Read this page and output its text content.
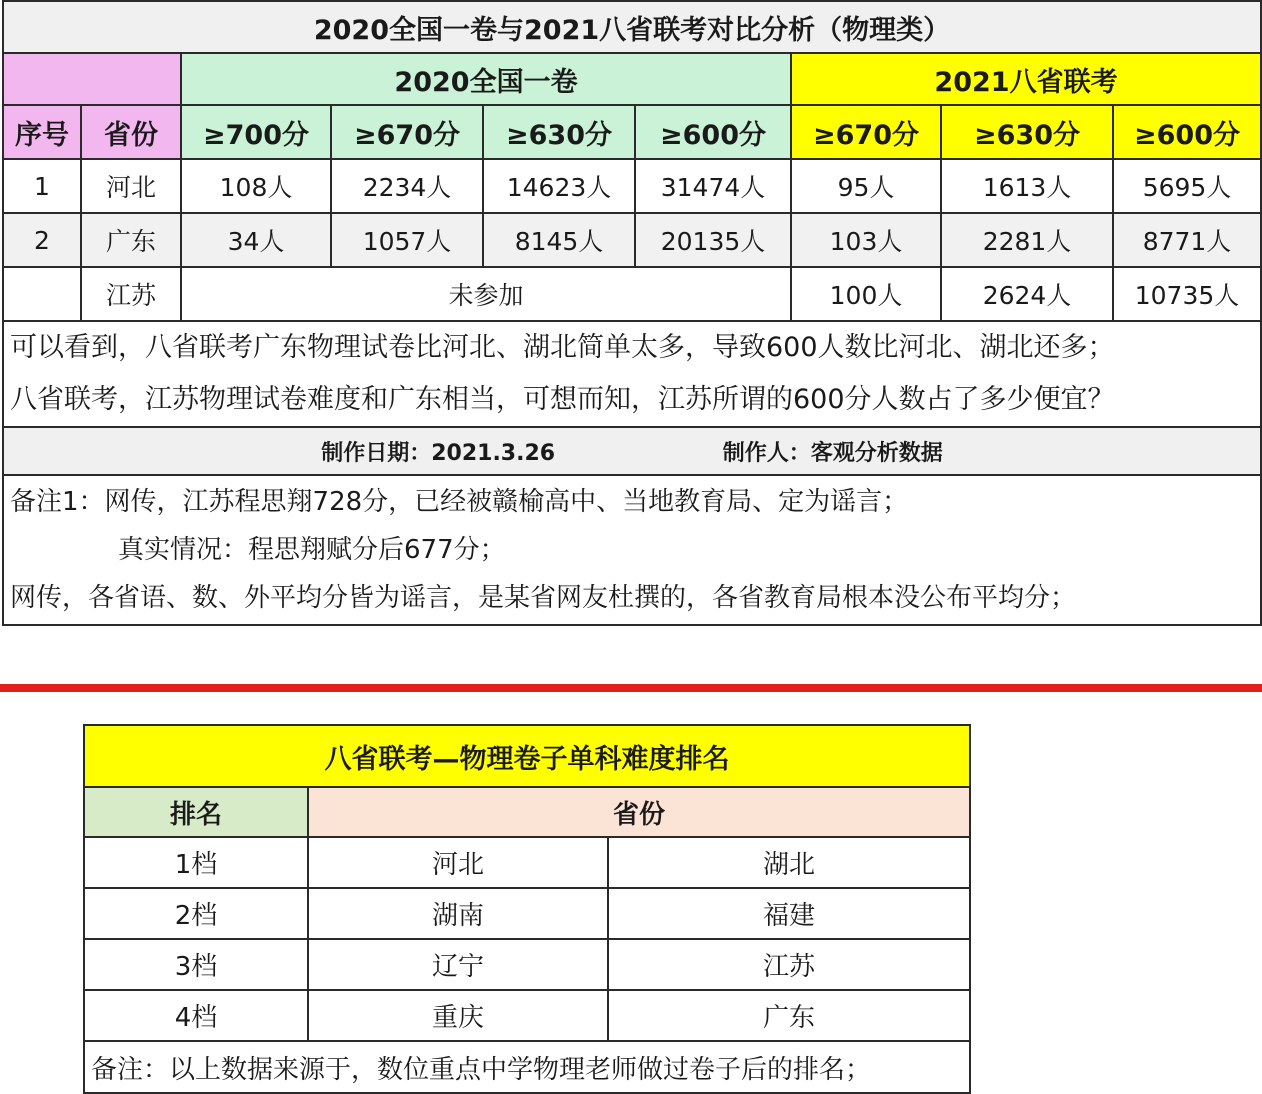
2020全国一卷与2021八省联考对比分析（物理类）								
		2020全国一卷				2021八省联考		
序号	省份	≥700分	≥670分	≥630分	≥600分	≥670分	≥630分	≥600分
1	河北	108人	2234人	14623人	31474人	95人	1613人	5695人
2	广东	34人	1057人	8145人	20135人	103人	2281人	8771人
	江苏	未参加				100人	2624人	10735人

可以看到，八省联考广东物理试卷比河北、湖北简单太多，导致600人数比河北、湖北还多；
八省联考，江苏物理试卷难度和广东相当，可想而知，江苏所谓的600分人数占了多少便宜？								

制作日期：2021.3.26 制作人：客观分析数据								

备注1：网传，江苏程思翔728分，已经被赣榆高中、当地教育局、定为谣言；
真实情况：程思翔赋分后677分；
网传，各省语、数、外平均分皆为谣言，是某省网友杜撰的，各省教育局根本没公布平均分；								
八省联考—物理卷子单科难度排名		
排名	省份	
1档	河北	湖北
2档	湖南	福建
3档	辽宁	江苏
4档	重庆	广东
备注：以上数据来源于，数位重点中学物理老师做过卷子后的排名；		
